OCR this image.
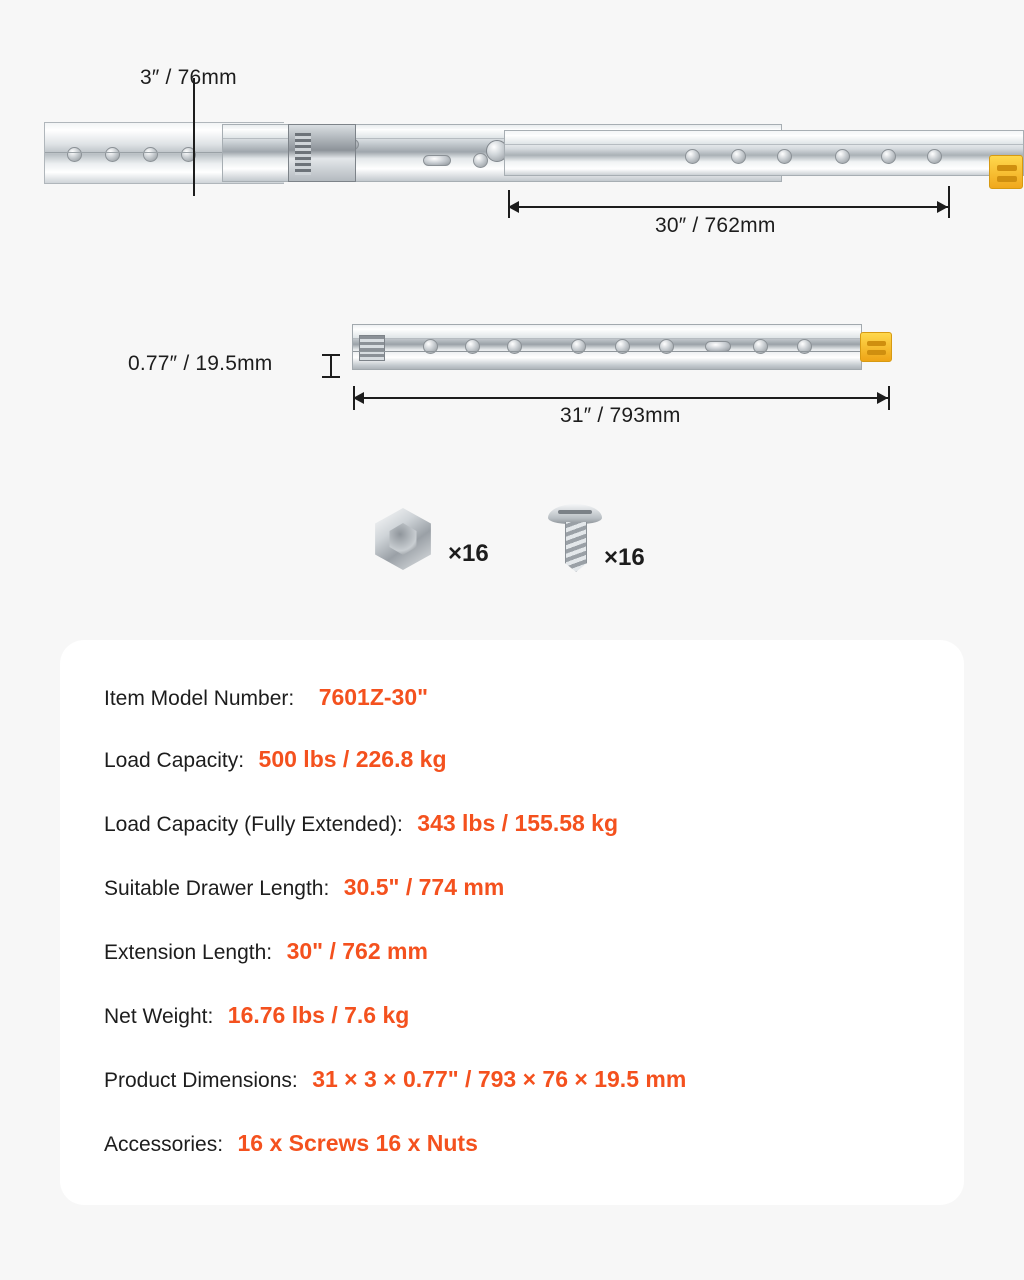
3″ / 76mm
30″ / 762mm
0.77″ / 19.5mm
31″ / 793mm
×16	×16
Item Model Number: 7601Z-30"
Load Capacity: 500 lbs / 226.8 kg
Load Capacity (Fully Extended): 343 lbs / 155.58 kg
Suitable Drawer Length: 30.5" / 774 mm
Extension Length: 30" / 762 mm
Net Weight: 16.76 lbs / 7.6 kg
Product Dimensions: 31 × 3 × 0.77" / 793 × 76 × 19.5 mm
Accessories: 16 x Screws 16 x Nuts
